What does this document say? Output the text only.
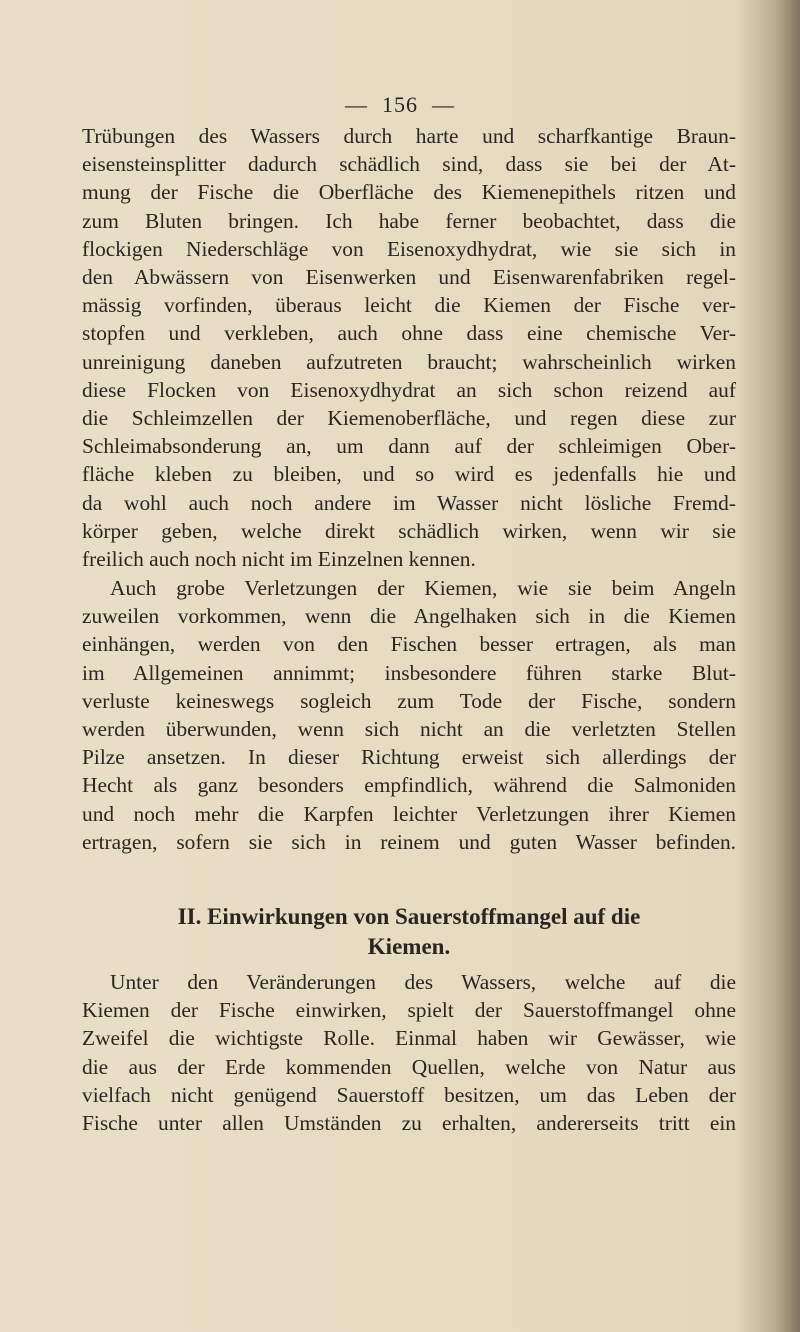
— 156 —
Trübungen des Wassers durch harte und scharfkantige Braun-
eisensteinsplitter dadurch schädlich sind, dass sie bei der At-
mung der Fische die Oberfläche des Kiemenepithels ritzen und
zum Bluten bringen. Ich habe ferner beobachtet, dass die
flockigen Niederschläge von Eisenoxydhydrat, wie sie sich in
den Abwässern von Eisenwerken und Eisenwarenfabriken regel-
mässig vorfinden, überaus leicht die Kiemen der Fische ver-
stopfen und verkleben, auch ohne dass eine chemische Ver-
unreinigung daneben aufzutreten braucht; wahrscheinlich wirken
diese Flocken von Eisenoxydhydrat an sich schon reizend auf
die Schleimzellen der Kiemenoberfläche, und regen diese zur
Schleimabsonderung an, um dann auf der schleimigen Ober-
fläche kleben zu bleiben, und so wird es jedenfalls hie und
da wohl auch noch andere im Wasser nicht lösliche Fremd-
körper geben, welche direkt schädlich wirken, wenn wir sie
freilich auch noch nicht im Einzelnen kennen.
Auch grobe Verletzungen der Kiemen, wie sie beim Angeln
zuweilen vorkommen, wenn die Angelhaken sich in die Kiemen
einhängen, werden von den Fischen besser ertragen, als man
im Allgemeinen annimmt; insbesondere führen starke Blut-
verluste keineswegs sogleich zum Tode der Fische, sondern
werden überwunden, wenn sich nicht an die verletzten Stellen
Pilze ansetzen. In dieser Richtung erweist sich allerdings der
Hecht als ganz besonders empfindlich, während die Salmoniden
und noch mehr die Karpfen leichter Verletzungen ihrer Kiemen
ertragen, sofern sie sich in reinem und guten Wasser befinden.
II. Einwirkungen von Sauerstoffmangel auf die
Kiemen.
Unter den Veränderungen des Wassers, welche auf die
Kiemen der Fische einwirken, spielt der Sauerstoffmangel ohne
Zweifel die wichtigste Rolle. Einmal haben wir Gewässer, wie
die aus der Erde kommenden Quellen, welche von Natur aus
vielfach nicht genügend Sauerstoff besitzen, um das Leben der
Fische unter allen Umständen zu erhalten, andererseits tritt ein
